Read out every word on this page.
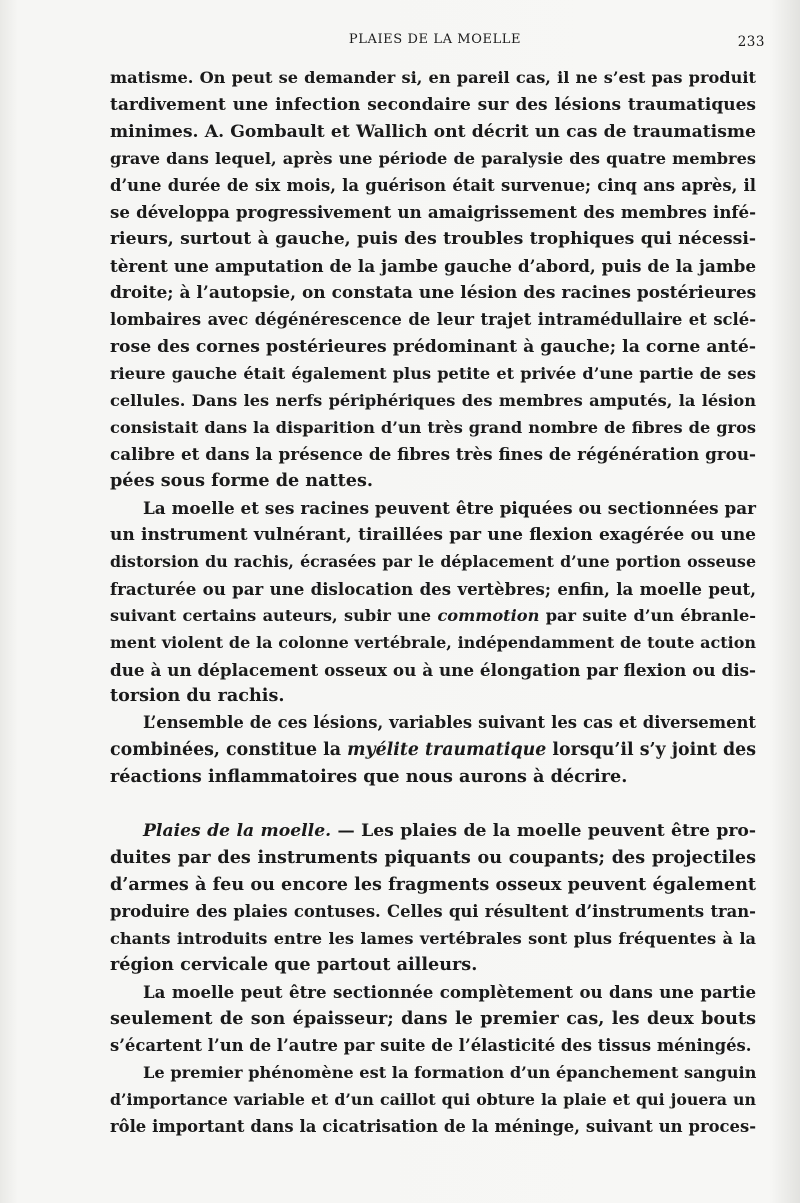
PLAIES DE LA MOELLE	233
matisme. On peut se demander si, en pareil cas, il ne s’est pas produit
tardivement une infection secondaire sur des lésions traumatiques
minimes. A. Gombault et Wallich ont décrit un cas de traumatisme
grave dans lequel, après une période de paralysie des quatre membres
d’une durée de six mois, la guérison était survenue; cinq ans après, il
se développa progressivement un amaigrissement des membres infé-
rieurs, surtout à gauche, puis des troubles trophiques qui nécessi-
tèrent une amputation de la jambe gauche d’abord, puis de la jambe
droite; à l’autopsie, on constata une lésion des racines postérieures
lombaires avec dégénérescence de leur trajet intramédullaire et sclé-
rose des cornes postérieures prédominant à gauche; la corne anté-
rieure gauche était également plus petite et privée d’une partie de ses
cellules. Dans les nerfs périphériques des membres amputés, la lésion
consistait dans la disparition d’un très grand nombre de fibres de gros
calibre et dans la présence de fibres très fines de régénération grou-
pées sous forme de nattes.
La moelle et ses racines peuvent être piquées ou sectionnées par
un instrument vulnérant, tiraillées par une flexion exagérée ou une
distorsion du rachis, écrasées par le déplacement d’une portion osseuse
fracturée ou par une dislocation des vertèbres; enfin, la moelle peut,
suivant certains auteurs, subir une commotion par suite d’un ébranle-
ment violent de la colonne vertébrale, indépendamment de toute action
due à un déplacement osseux ou à une élongation par flexion ou dis-
torsion du rachis.
L’ensemble de ces lésions, variables suivant les cas et diversement
combinées, constitue la myélite traumatique lorsqu’il s’y joint des
réactions inflammatoires que nous aurons à décrire.
Plaies de la moelle. — Les plaies de la moelle peuvent être pro-
duites par des instruments piquants ou coupants; des projectiles
d’armes à feu ou encore les fragments osseux peuvent également
produire des plaies contuses. Celles qui résultent d’instruments tran-
chants introduits entre les lames vertébrales sont plus fréquentes à la
région cervicale que partout ailleurs.
La moelle peut être sectionnée complètement ou dans une partie
seulement de son épaisseur; dans le premier cas, les deux bouts
s’écartent l’un de l’autre par suite de l’élasticité des tissus méningés.
Le premier phénomène est la formation d’un épanchement sanguin
d’importance variable et d’un caillot qui obture la plaie et qui jouera un
rôle important dans la cicatrisation de la méninge, suivant un proces-
